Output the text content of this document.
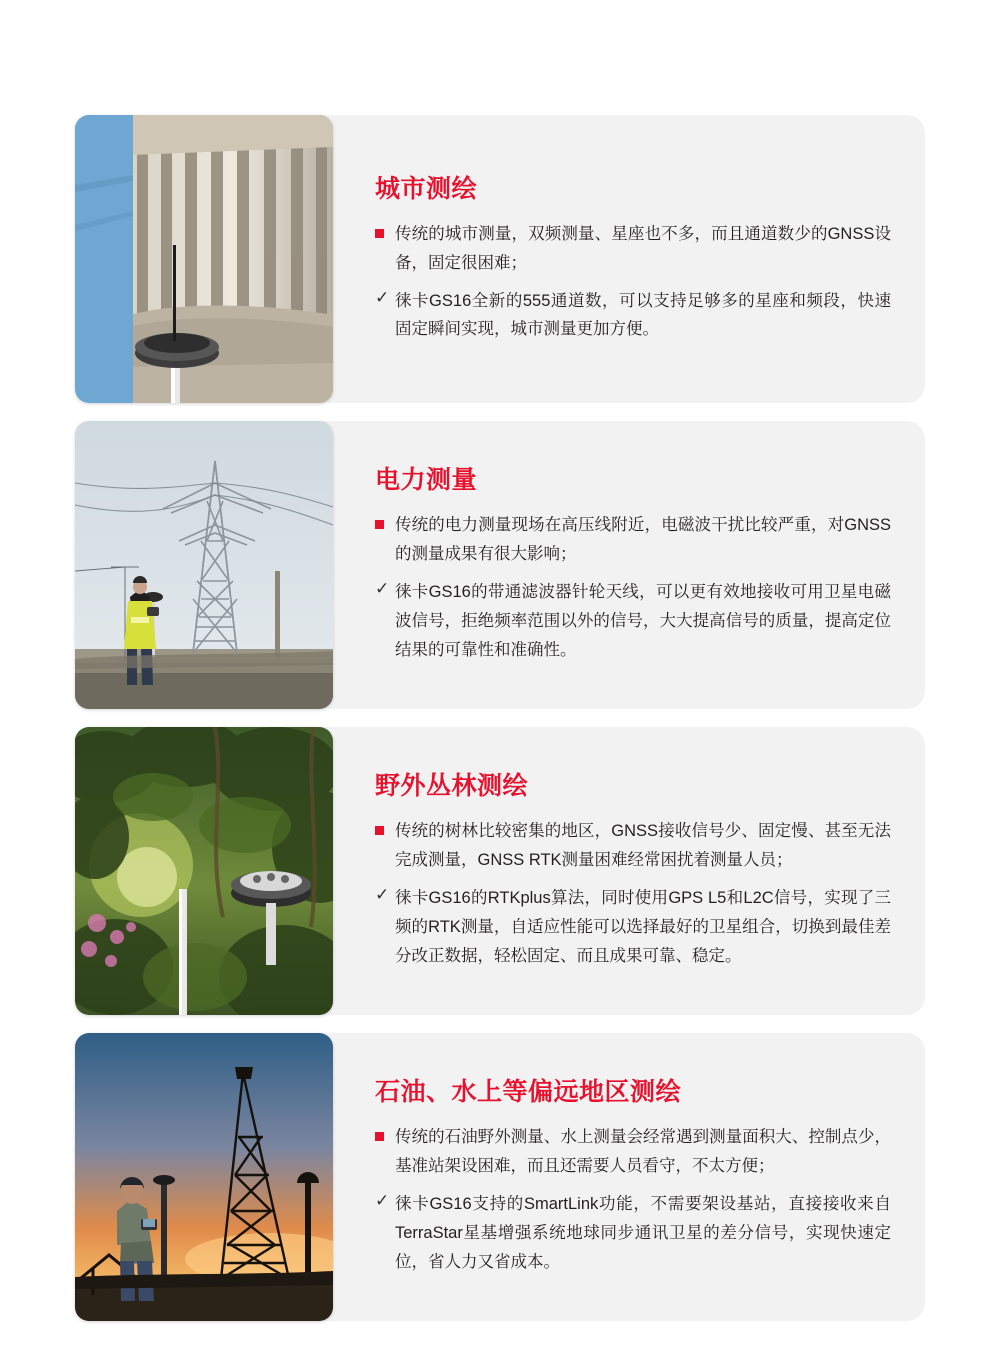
城市测绘
传统的城市测量，双频测量、星座也不多，而且通道数少的GNSS设备，固定很困难；
✓ 徕卡GS16全新的555通道数，可以支持足够多的星座和频段，快速固定瞬间实现，城市测量更加方便。
电力测量
传统的电力测量现场在高压线附近，电磁波干扰比较严重，对GNSS的测量成果有很大影响；
✓ 徕卡GS16的带通滤波器针轮天线，可以更有效地接收可用卫星电磁波信号，拒绝频率范围以外的信号，大大提高信号的质量，提高定位结果的可靠性和准确性。
野外丛林测绘
传统的树林比较密集的地区，GNSS接收信号少、固定慢、甚至无法完成测量，GNSS RTK测量困难经常困扰着测量人员；
✓ 徕卡GS16的RTKplus算法，同时使用GPS L5和L2C信号，实现了三频的RTK测量，自适应性能可以选择最好的卫星组合，切换到最佳差分改正数据，轻松固定、而且成果可靠、稳定。
石油、水上等偏远地区测绘
传统的石油野外测量、水上测量会经常遇到测量面积大、控制点少，基准站架设困难，而且还需要人员看守，不太方便；
✓ 徕卡GS16支持的SmartLink功能，不需要架设基站，直接接收来自TerraStar星基增强系统地球同步通讯卫星的差分信号，实现快速定位，省人力又省成本。
